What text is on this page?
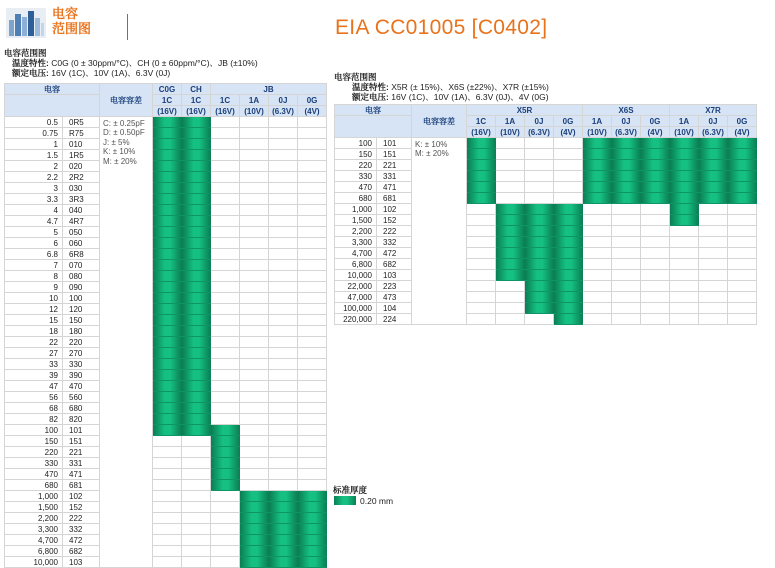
电容
范围图	EIA CC01005 [C0402]
电容范围图
温度特性: C0G (0 ± 30ppm/°C)、CH (0 ± 60ppm/°C)、JB (±10%)
额定电压: 16V (1C)、10V (1A)、6.3V (0J)	电容范围图
温度特性: X5R (± 15%)、X6S (±22%)、X7R (±15%)
额定电压: 16V (1C)、10V (1A)、6.3V (0J)、4V (0G)
电容		电容容差	C0G	CH	JB			
			1C	1C	1C	1A	0J	0G
			(16V)	(16V)	(16V)	(10V)	(6.3V)	(4V)
0.5	0R5	C: ± 0.25pF
D: ± 0.50pF
J: ± 5%
K: ± 10%
M: ± 20%						

0.75	R75							
1	010							
1.5	1R5							
2	020							
2.2	2R2							
3	030							
3.3	3R3							
4	040							
4.7	4R7							
5	050							
6	060							
6.8	6R8							
7	070							
8	080							
9	090							
10	100							
12	120							
15	150							
18	180							
22	220							
27	270							
33	330							
39	390							
47	470							
56	560							
68	680							
82	820							
100	101							
150	151							
220	221							
330	331							
470	471							
680	681							
1,000	102							
1,500	152							
2,200	222							
3,300	332							
4,700	472							
6,800	682							
10,000	103							
电容		电容容差	X5R				X6S			X7R		
			1C	1A	0J	0G	1A	0J	0G	1A	0J	0G
			(16V)	(10V)	(6.3V)	(4V)	(10V)	(6.3V)	(4V)	(10V)	(6.3V)	(4V)
100	101	K: ± 10%
M: ± 20%										

150	151											
220	221											
330	331											
470	471											
680	681											
1,000	102											
1,500	152											
2,200	222											
3,300	332											
4,700	472											
6,800	682											
10,000	103											
22,000	223											
47,000	473											
100,000	104											
220,000	224											
标准厚度
0.20 mm
